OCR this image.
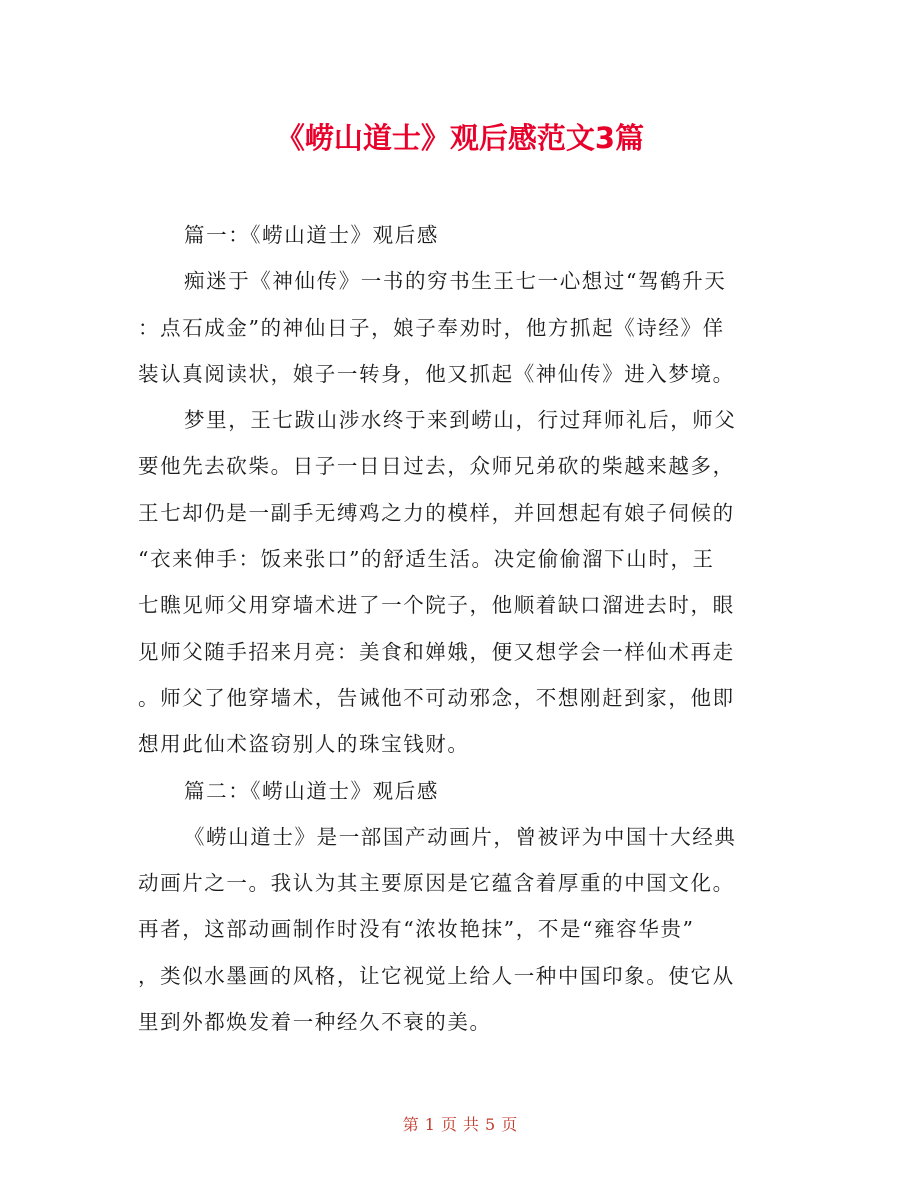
《崂山道士》观后感范文3篇
篇一：《崂山道士》观后感
痴迷于《神仙传》一书的穷书生王七一心想过“驾鹤升天
：点石成金”的神仙日子，娘子奉劝时，他方抓起《诗经》佯
装认真阅读状，娘子一转身，他又抓起《神仙传》进入梦境。
梦里，王七跋山涉水终于来到崂山，行过拜师礼后，师父
要他先去砍柴。日子一日日过去，众师兄弟砍的柴越来越多，
王七却仍是一副手无缚鸡之力的模样，并回想起有娘子伺候的
“衣来伸手：饭来张口”的舒适生活。决定偷偷溜下山时，王
七瞧见师父用穿墙术进了一个院子，他顺着缺口溜进去时，眼
见师父随手招来月亮：美食和婵娥，便又想学会一样仙术再走
。师父了他穿墙术，告诫他不可动邪念，不想刚赶到家，他即
想用此仙术盗窃别人的珠宝钱财。
篇二：《崂山道士》观后感
《崂山道士》是一部国产动画片，曾被评为中国十大经典
动画片之一。我认为其主要原因是它蕴含着厚重的中国文化。
再者，这部动画制作时没有“浓妆艳抹”，不是“雍容华贵”
，类似水墨画的风格，让它视觉上给人一种中国印象。使它从
里到外都焕发着一种经久不衰的美。
第 1 页 共 5 页
